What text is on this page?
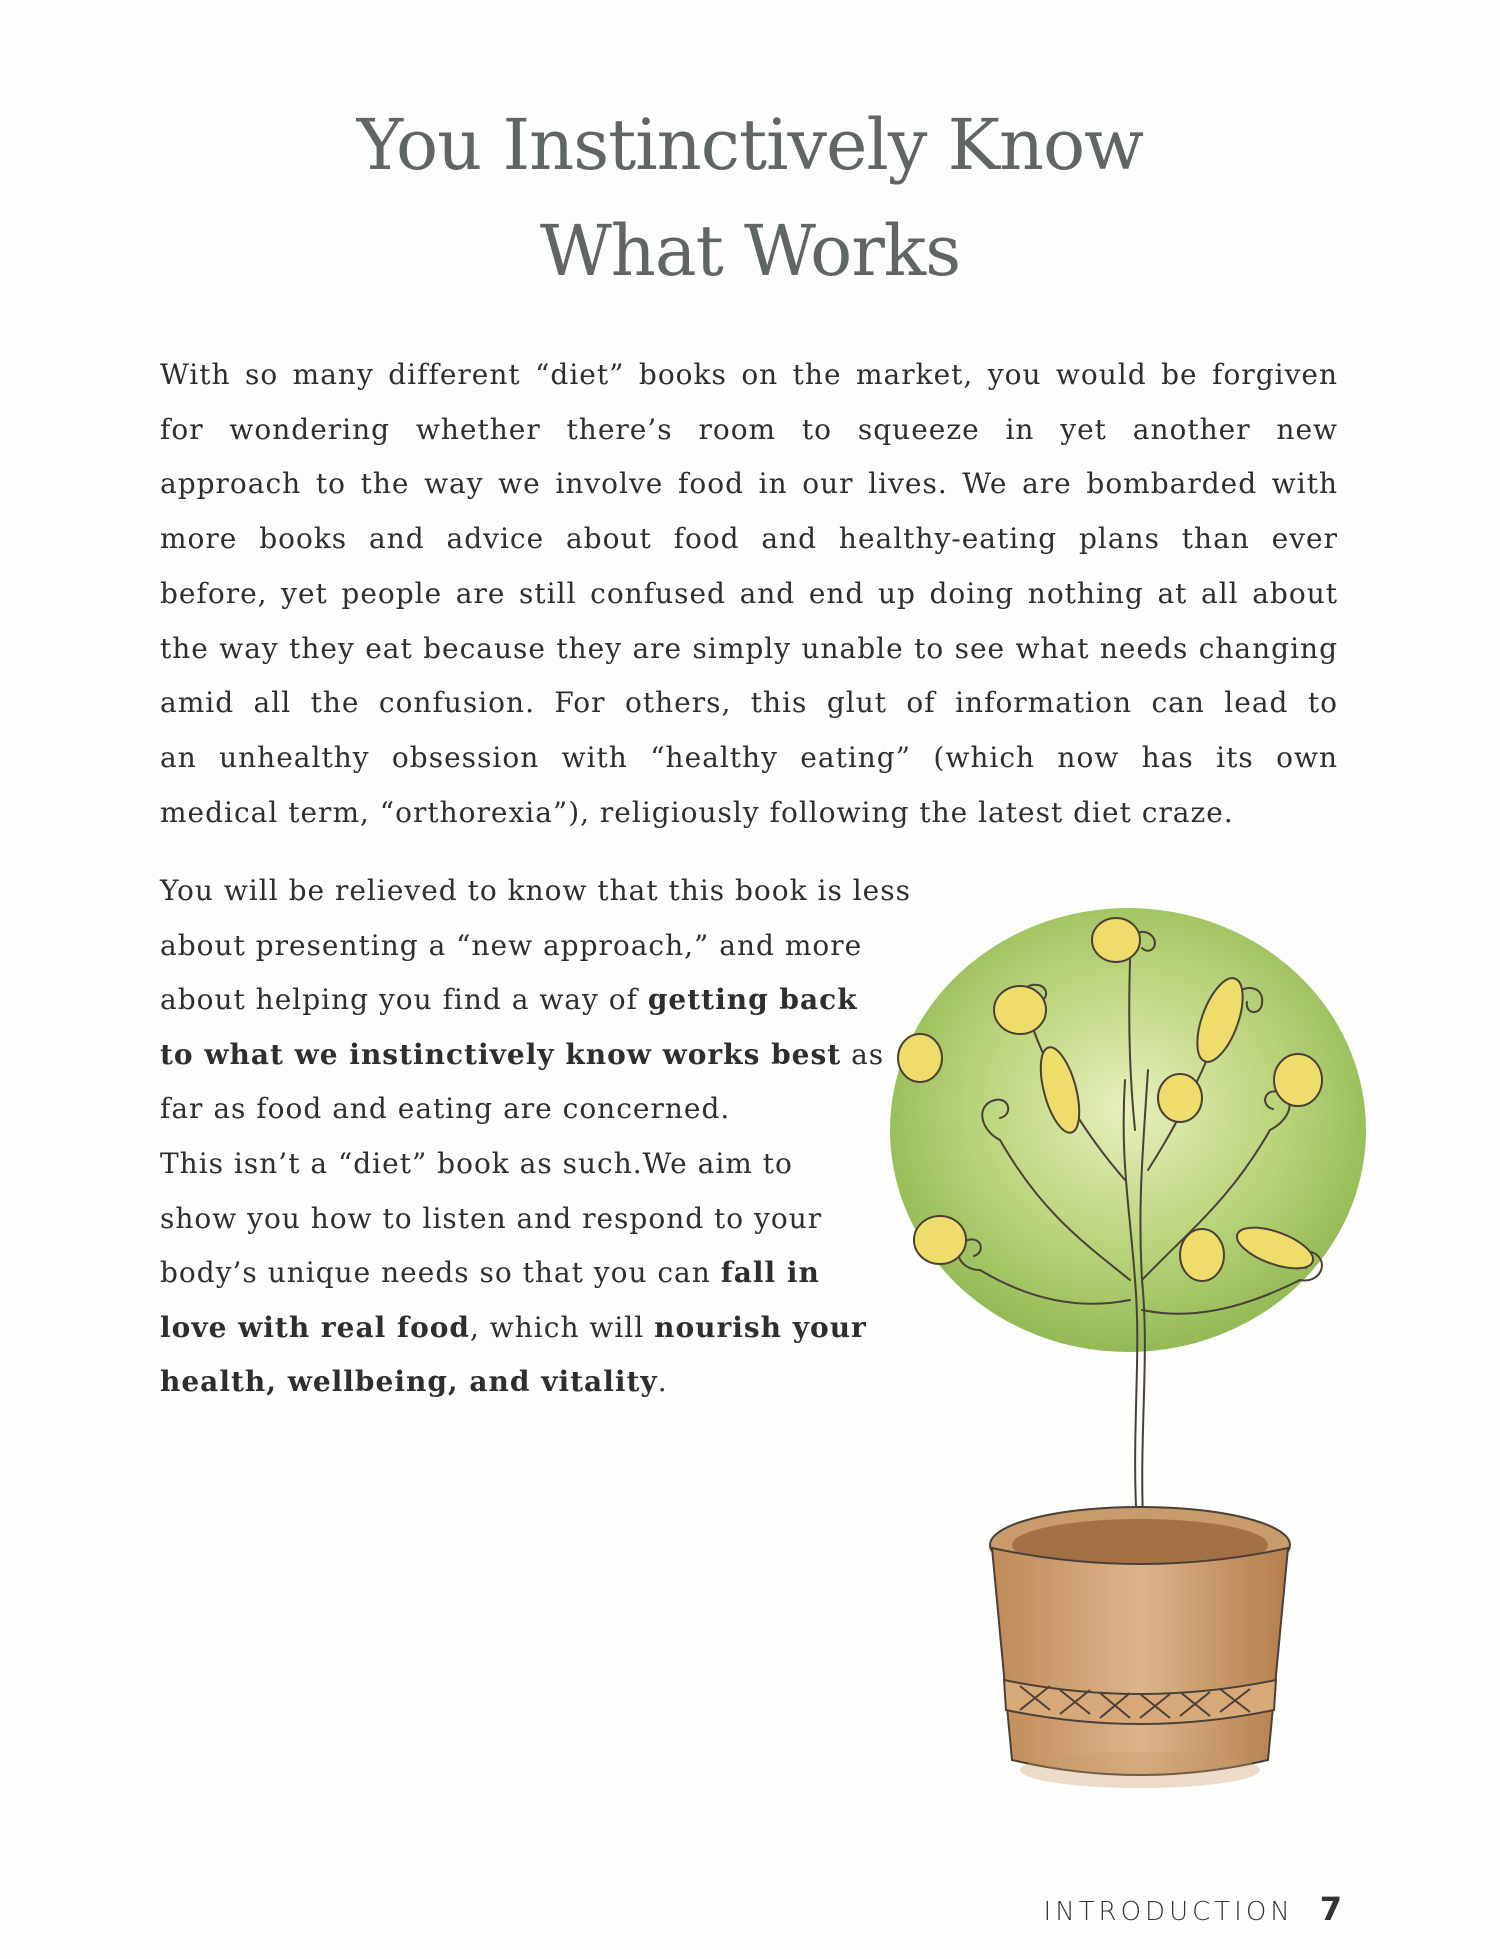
You Instinctively Know
What Works

With so many different “diet” books on the market, you would be forgiven
for wondering whether there’s room to squeeze in yet another new
approach to the way we involve food in our lives. We are bombarded with
more books and advice about food and healthy-eating plans than ever
before, yet people are still confused and end up doing nothing at all about
the way they eat because they are simply unable to see what needs changing
amid all the confusion. For others, this glut of information can lead to
an unhealthy obsession with “healthy eating” (which now has its own
medical term, “orthorexia”), religiously following the latest diet craze.

You will be relieved to know that this book is less
about presenting a “new approach,” and more
about helping you find a way of getting back
to what we instinctively know works best as
far as food and eating are concerned.
This isn’t a “diet” book as such.We aim to
show you how to listen and respond to your
body’s unique needs so that you can fall in
love with real food, which will nourish your
health, wellbeing, and vitality.

INTRODUCTION 7
